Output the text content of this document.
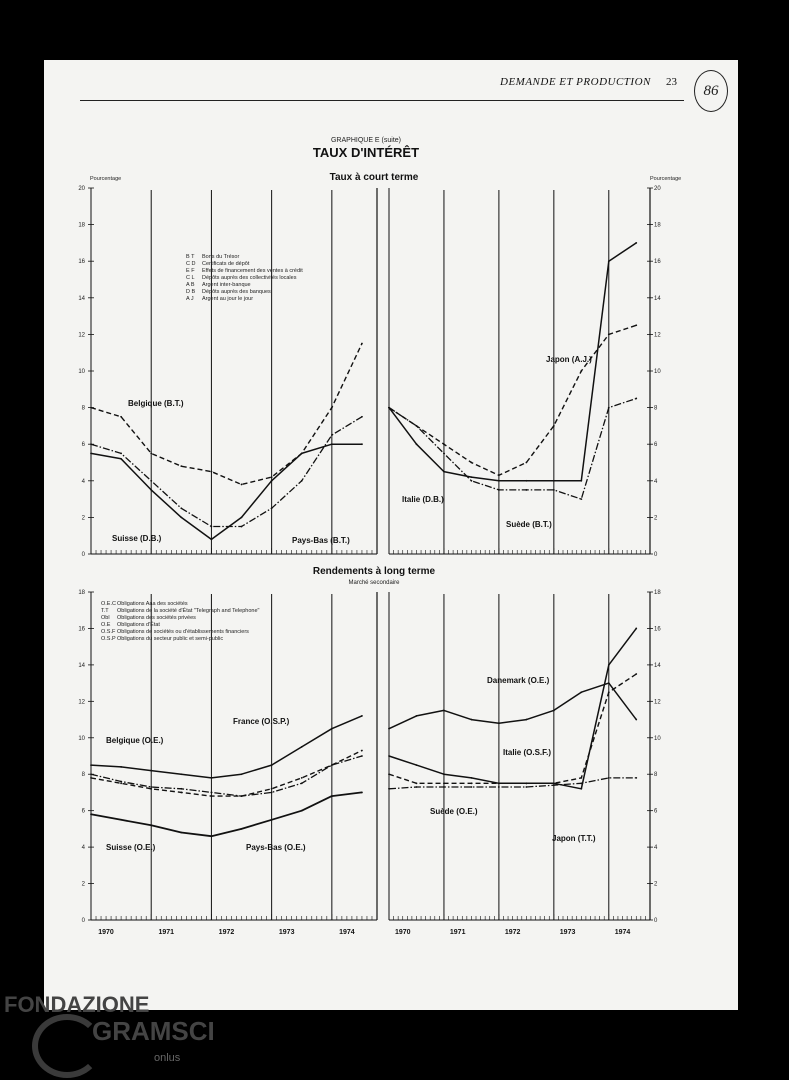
DEMANDE ET PRODUCTION 23
86
GRAPHIQUE E (suite)
TAUX D'INTÉRÊT
Taux à court terme
Rendements à long terme
Marché secondaire
Pourcentage	Pourcentage
0
2
4
6
8
10
12
14
16
18
20
Belgique (B.T.)
Suisse (D.B.)	Pays-Bas (B.T.)
B T Bons du Trésor
C D Certificats de dépôt
E F Effets de financement des ventes à crédit
C L Dépôts auprès des collectivités locales
A B Argent inter-banque
D B Dépôts auprès des banques
A J Argent au jour le jour
0
2
4
6
8
10
12
14
16
18
20
Japon (A.J.)
Italie (D.B.)
Suède (B.T.)
0
2
4
6
8
10
12
14
16
18
1970	1971	1972	1973	1974
France (O.S.P.)
Belgique (O.E.)
Pays-Bas (O.E.)
Suisse (O.E.)
O.E.C Obligations Aaa des sociétés
T.T Obligations de la société d'État "Telegraph and Telephone"
Obl Obligations des sociétés privées
O.E Obligations d'État
O.S.F Obligations de sociétés ou d'établissements financiers
O.S.P Obligations du secteur public et semi-public
0
2
4
6
8
10
12
14
16
18
1970	1971	1972	1973	1974
Danemark (O.E.)
Italie (O.S.F.)
Japon (T.T.)
Suède (O.E.)
FONDAZIONE
GRAMSCI
onlus
